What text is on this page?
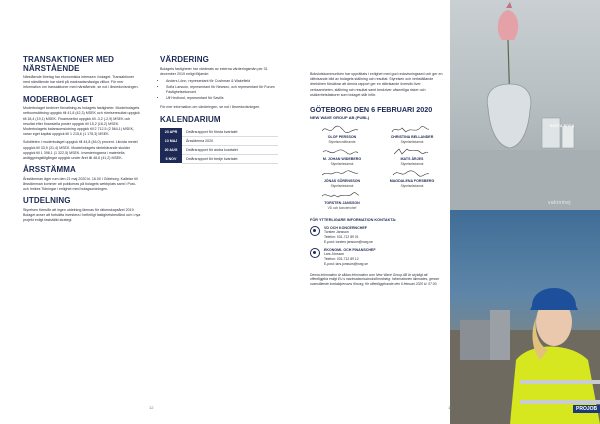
TRANSAKTIONER MED NÄRSTÅENDE

Närstående företag har ekonomiska intressen i bolaget. Transaktioner med närstående har skett på marknadsmässiga villkor. För mer information om transaktioner med närstående, se not i årsredovisningen.

MODERBOLAGET

Moderbolaget bedriver förvaltning av bolagets fastigheter. Moderbolagets nettoomsättning uppgick till 41,8 (42,3) MSEK och rörelseresultat uppgick till 18,4 (19,1) MSEK. Finansnettot uppgick till -3,2 (-2,9) MSEK och resultat efter finansiella poster uppgick till 15,2 (16,2) MSEK. Moderbolagets balansomslutning uppgick till 2 712,5 (2 564,1) MSEK, varav eget kapital uppgick till 1 215,6 (1 178,3) MSEK.

Soliditeten i moderbolaget uppgick till 44,8 (46,0) procent. Likvida medel uppgick till 33,9 (31,4) MSEK. Moderbolagets räntebärande skulder uppgick till 1 398,1 (1 322,5) MSEK. Investeringarna i materiella anläggningstillgångar uppgick under året till 48,6 (41,2) MSEK.

ÅRSSTÄMMA

Årsstämman äger rum den 21 maj 2020 kl. 16.00 i Göteborg. Kallelse till årsstämman kommer att publiceras på bolagets webbplats samt i Post- och Inrikes Tidningar i enlighet med bolagsordningen.

UTDELNING

Styrelsen föreslår att ingen utdelning lämnas för räkenskapsåret 2019. Bolaget avser att fortsätta investera i befintligt fastighetsbestånd och i nya projekt enligt fastställd strategi.

VÄRDERING

Bolagets fastigheter har värderats av externa värderingsmän per 31 december 2019 enligt följande:

• Anders Lönn, representant för Cushman & Wakefield
• Sofia Larsson, representant för Newsec, och representant för Forum Fastighetsekonomi
• Ulf Hedlund, representant för Savills

För mer information om värderingen, se not i årsredovisningen.

KALENDARIUM
23 APR	Delårsrapport för första kvartalet
13 MAJ	Årsstämma 2020
20 AUG	Delårsrapport för andra kvartalet
6 NOV	Delårsrapport för tredje kvartalet
12

Bokslutskommunikén har upprättats i enlighet med god redovisningssed och ger en rättvisande bild av bolagets ställning och resultat. Styrelsen och verkställande direktören försäkrar att denna rapport ger en rättvisande översikt över verksamheten, ställning och resultat samt beskriver väsentliga risker och osäkerhetsfaktorer som bolaget står inför.

GÖTEBORG DEN 6 FEBRUARI 2020
NEW WAVE GROUP AB (PUBL)
OLOF PERSSON
Styrelseordförande
CHRISTINA BELLANDER
Styrelseledamot
M. JOHAN WIDEBERG
Styrelseledamot
MATS ÅRJES
Styrelseledamot
JÓNAS SÖRENSSON
Styrelseledamot
MAGDALENA FORSBERG
Styrelseledamot
TORSTEN JANSSON
VD och koncernchef
FÖR YTTERLIGARE INFORMATION KONTAKTA:
VD OCH KONCERNCHEF
Torsten Jansson
Telefon: 031-712 89 01
E-post: torsten.jansson@nwg.se
EKONOMI- OCH FINANSCHEF
Lars Jönsson
Telefon: 031-712 89 12
E-post: lars.jonsson@nwg.se
Denna information är sådan information som New Wave Group AB är skyldigt att offentliggöra enligt EU:s marknadsmissbruksförordning. Informationen lämnades, genom ovanstående kontaktpersons försorg, för offentliggörande den 6 februari 2020 kl. 07.00.
KOSTA BODA
vakinmej
PROJOB
13
